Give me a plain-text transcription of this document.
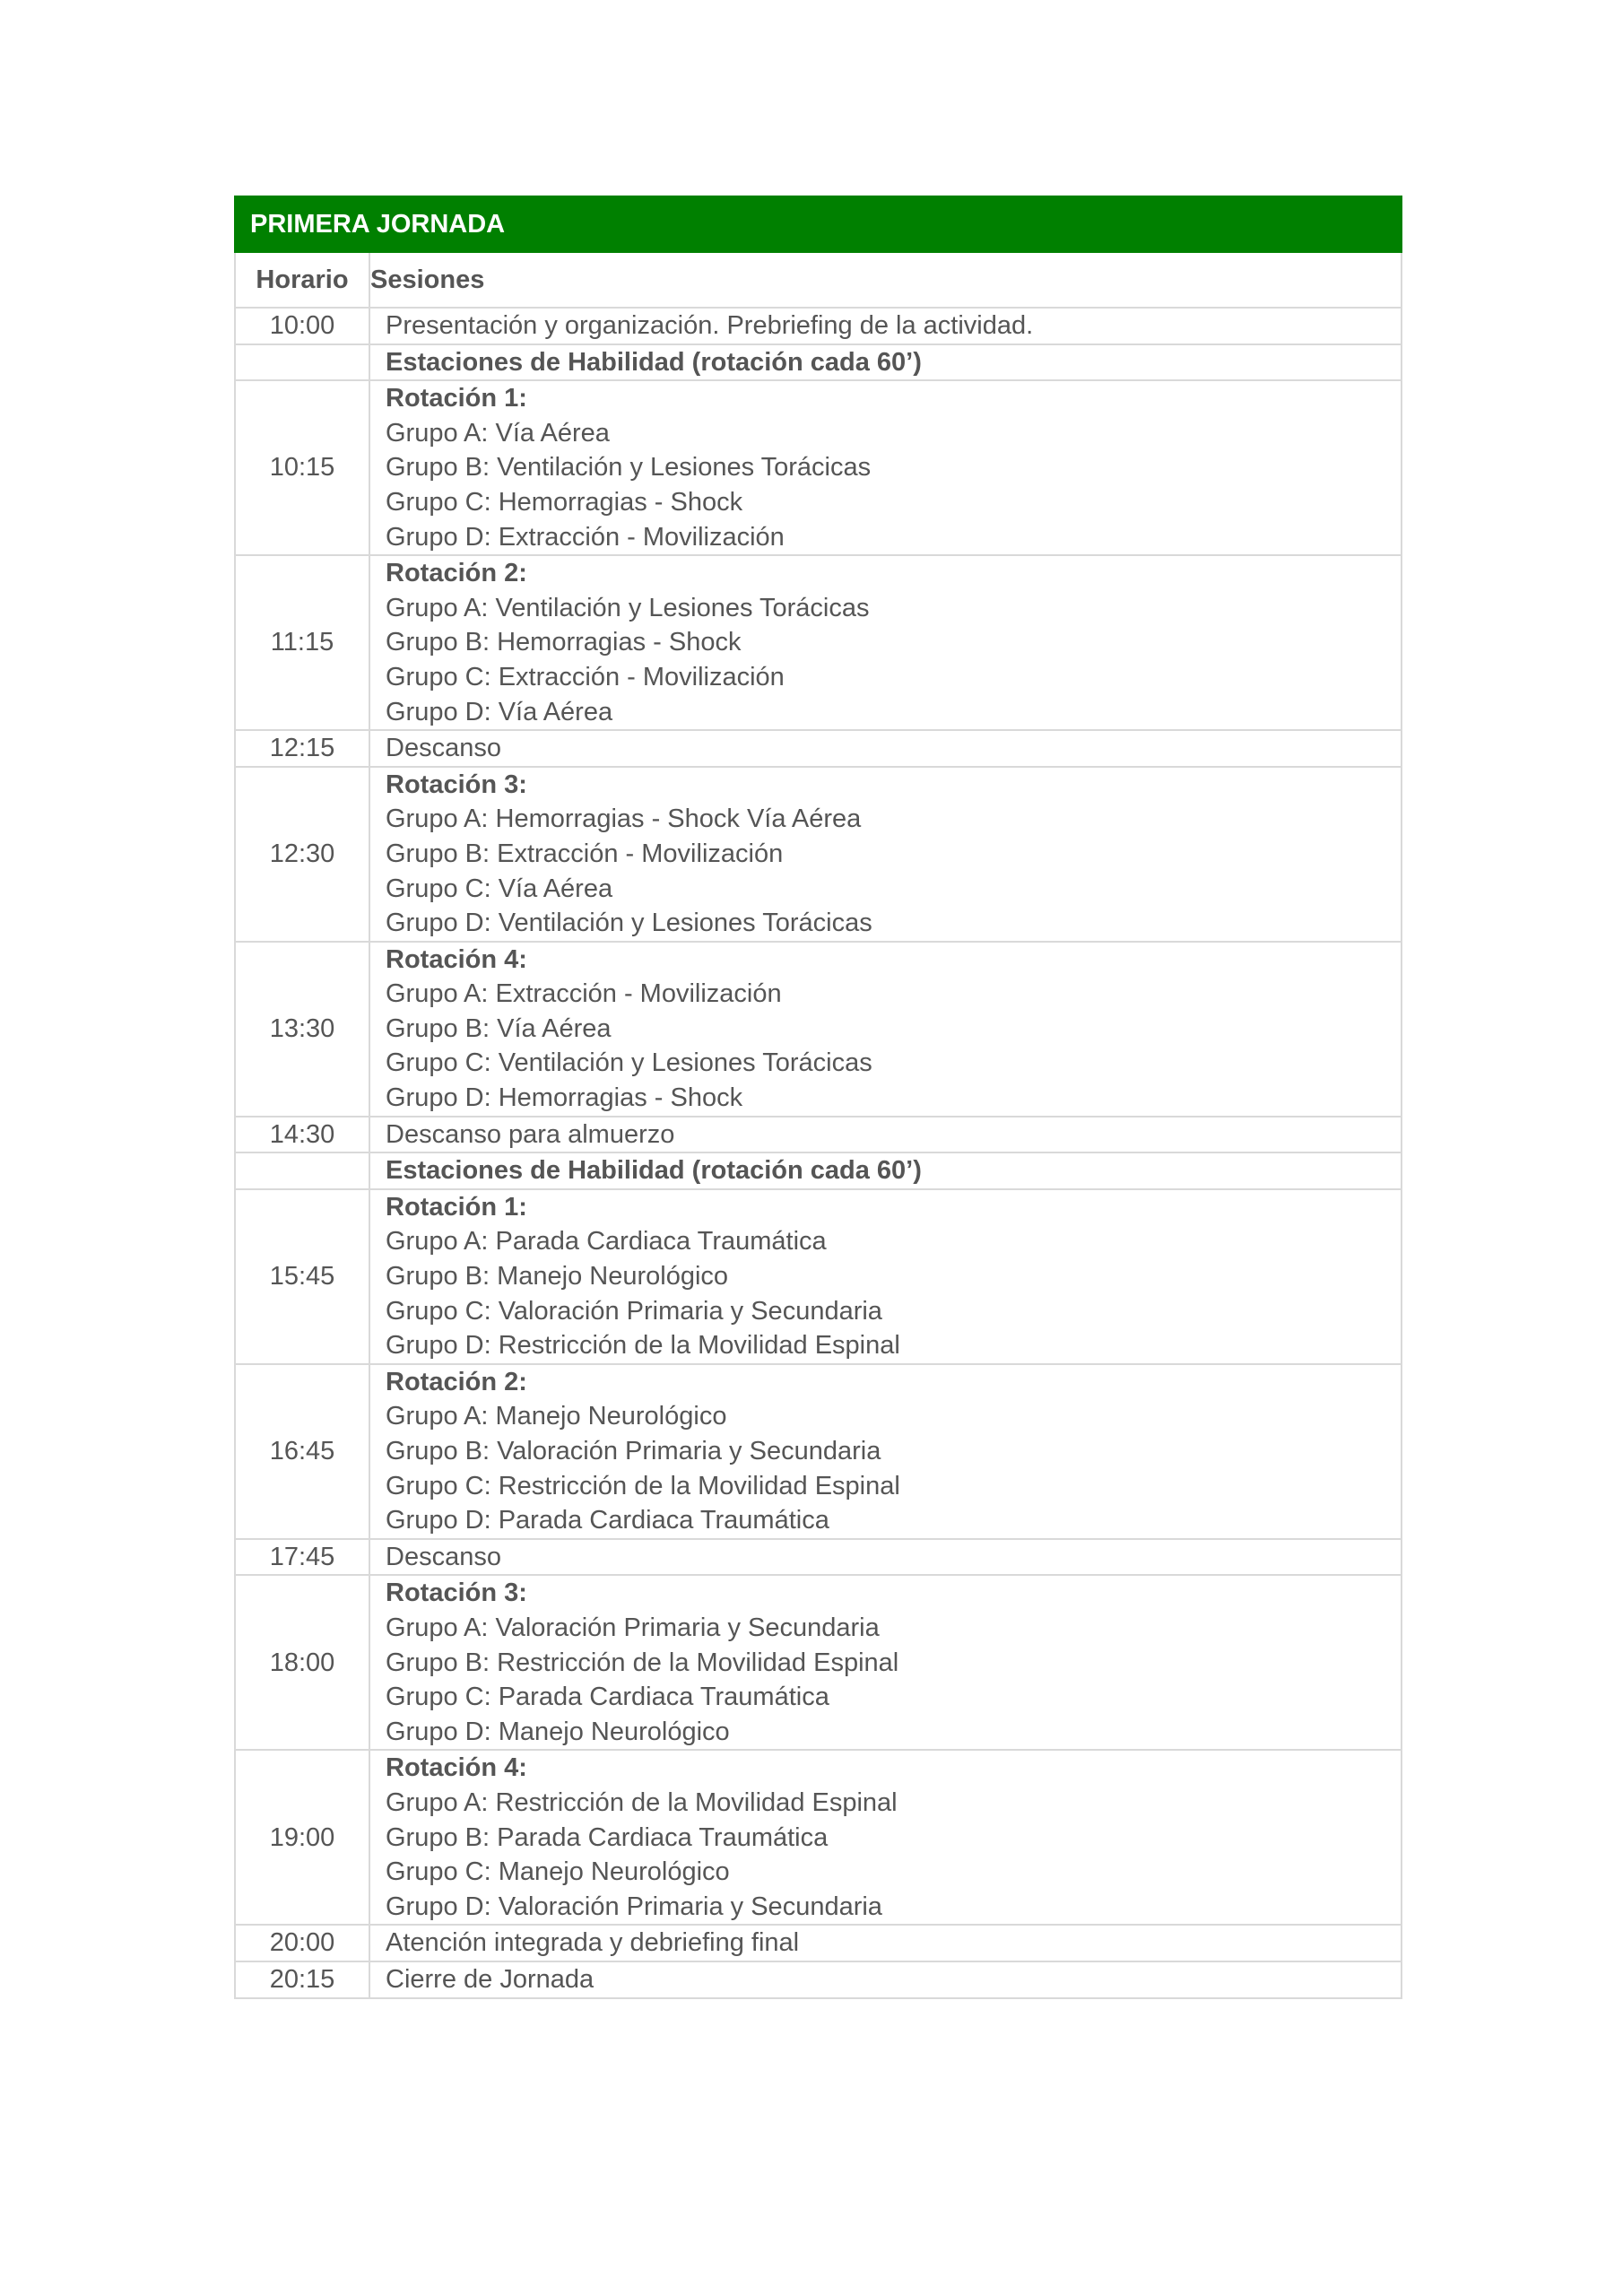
PRIMERA JORNADA	
Horario	Sesiones
10:00	Presentación y organización. Prebriefing de la actividad.

	Estaciones de Habilidad (rotación cada 60’)

10:15	Rotación 1:
Grupo A: Vía Aérea
Grupo B: Ventilación y Lesiones Torácicas
Grupo C: Hemorragias - Shock
Grupo D: Extracción - Movilización

11:15	Rotación 2:
Grupo A: Ventilación y Lesiones Torácicas
Grupo B: Hemorragias - Shock
Grupo C: Extracción - Movilización
Grupo D: Vía Aérea

12:15	Descanso

12:30	Rotación 3:
Grupo A: Hemorragias - Shock Vía Aérea
Grupo B: Extracción - Movilización
Grupo C: Vía Aérea
Grupo D: Ventilación y Lesiones Torácicas

13:30	Rotación 4:
Grupo A: Extracción - Movilización
Grupo B: Vía Aérea
Grupo C: Ventilación y Lesiones Torácicas
Grupo D: Hemorragias - Shock

14:30	Descanso para almuerzo

	Estaciones de Habilidad (rotación cada 60’)

15:45	Rotación 1:
Grupo A: Parada Cardiaca Traumática
Grupo B: Manejo Neurológico
Grupo C: Valoración Primaria y Secundaria
Grupo D: Restricción de la Movilidad Espinal

16:45	Rotación 2:
Grupo A: Manejo Neurológico
Grupo B: Valoración Primaria y Secundaria
Grupo C: Restricción de la Movilidad Espinal
Grupo D: Parada Cardiaca Traumática

17:45	Descanso

18:00	Rotación 3:
Grupo A: Valoración Primaria y Secundaria
Grupo B: Restricción de la Movilidad Espinal
Grupo C: Parada Cardiaca Traumática
Grupo D: Manejo Neurológico

19:00	Rotación 4:
Grupo A: Restricción de la Movilidad Espinal
Grupo B: Parada Cardiaca Traumática
Grupo C: Manejo Neurológico
Grupo D: Valoración Primaria y Secundaria

20:00	Atención integrada y debriefing final

20:15	Cierre de Jornada
